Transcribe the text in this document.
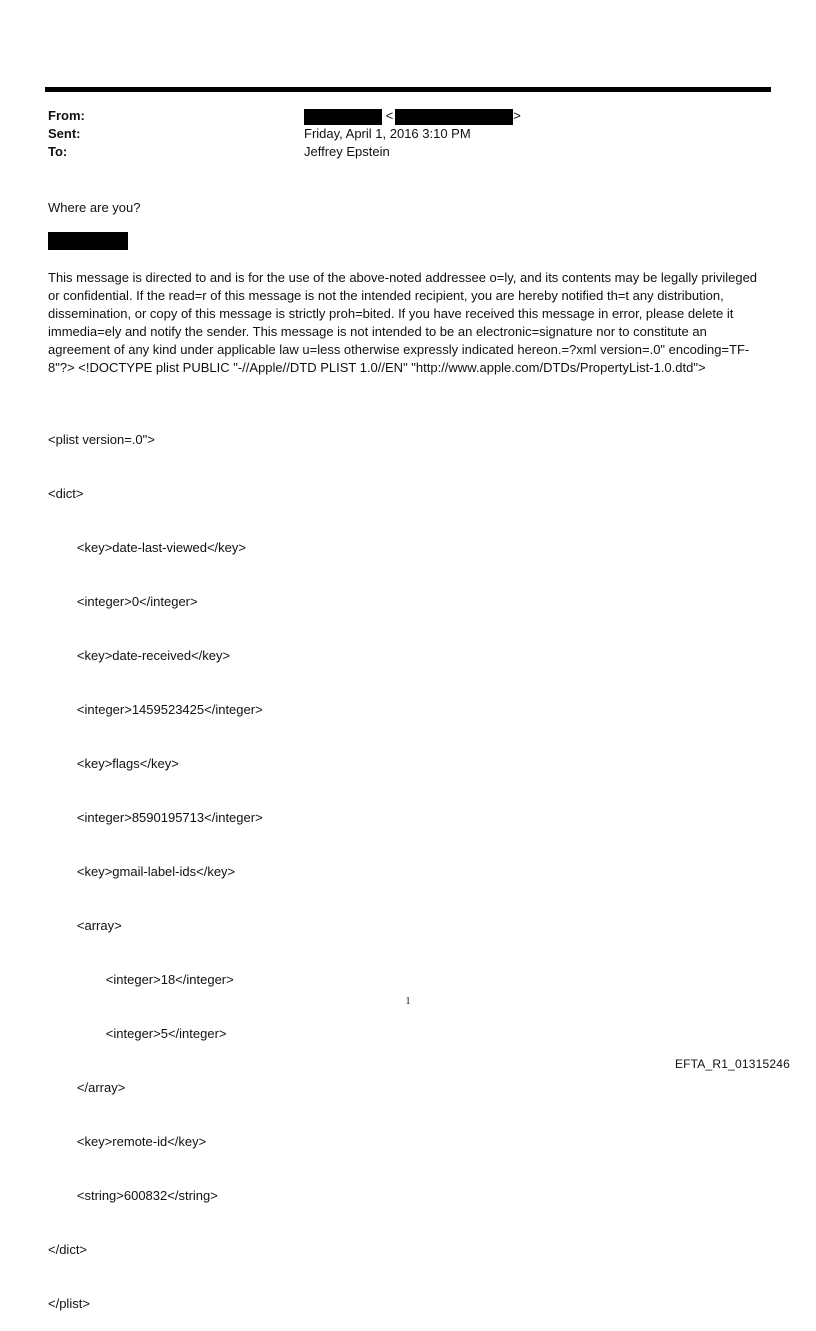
From:	<	>
Sent:	Friday, April 1, 2016 3:10 PM
To:	Jeffrey Epstein
Where are you?
This message is directed to and is for the use of the above-noted addressee o=ly, and its contents may be legally privileged or confidential. If the read=r of this message is not the intended recipient, you are hereby notified th=t any distribution, dissemination, or copy of this message is strictly proh=bited. If you have received this message in error, please delete it immedia=ely and notify the sender. This message is not intended to be an electronic=signature nor to constitute an agreement of any kind under applicable law u=less otherwise expressly indicated hereon.=?xml version=.0" encoding=TF-8"?> <!DOCTYPE plist PUBLIC "-//Apple//DTD PLIST 1.0//EN" "http://www.apple.com/DTDs/PropertyList-1.0.dtd">

<plist version=.0">

<dict>

<key>date-last-viewed</key>

<integer>0</integer>

<key>date-received</key>

<integer>1459523425</integer>

<key>flags</key>

<integer>8590195713</integer>

<key>gmail-label-ids</key>

<array>

<integer>18</integer>

<integer>5</integer>

</array>

<key>remote-id</key>

<string>600832</string>

</dict>

</plist>

1
EFTA_R1_01315246
